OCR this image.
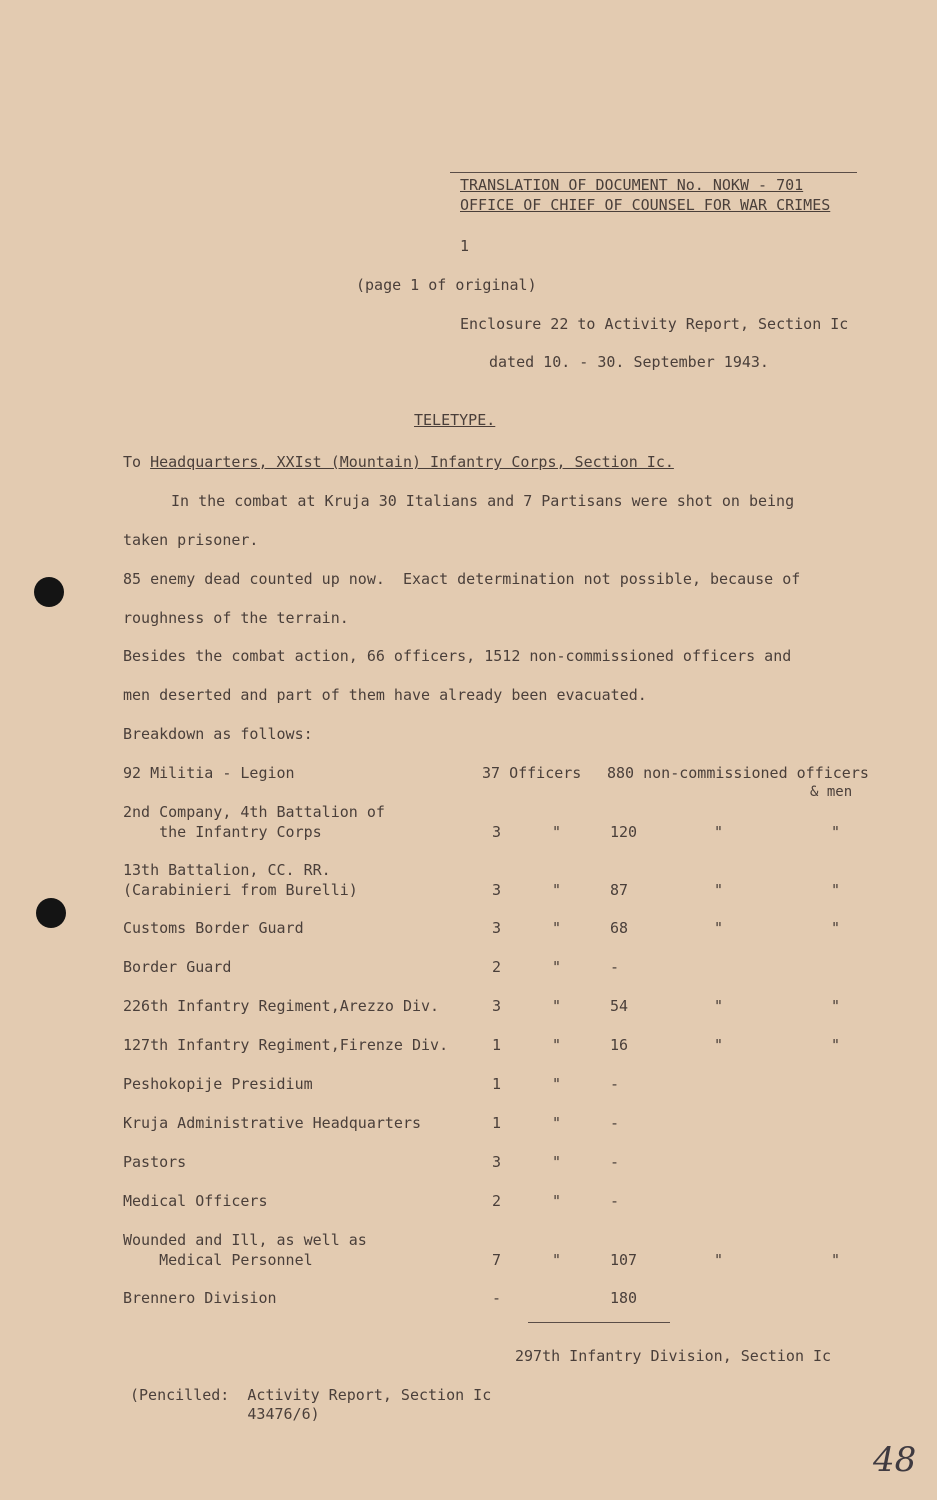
TRANSLATION OF DOCUMENT No. NOKW - 701
OFFICE OF CHIEF OF COUNSEL FOR WAR CRIMES
1
(page 1 of original)
Enclosure 22 to Activity Report, Section Ic
dated 10. - 30. September 1943.
TELETYPE.
To Headquarters, XXIst (Mountain) Infantry Corps, Section Ic.
In the combat at Kruja 30 Italians and 7 Partisans were shot on being
taken prisoner.
85 enemy dead counted up now.  Exact determination not possible, because of
roughness of the terrain.
Besides the combat action, 66 officers, 1512 non-commissioned officers and
men deserted and part of them have already been evacuated.
Breakdown as follows:
92 Militia - Legion	37 Officers 880 non-commissioned officers
& men
2nd Company, 4th Battalion of
the Infantry Corps	3	"	120	"	"
13th Battalion, CC. RR.
(Carabinieri from Burelli)	3	"	87	"	"
Customs Border Guard	3	"	68	"	"
Border Guard	2	"	-
226th Infantry Regiment,Arezzo Div.	3	"	54	"	"
127th Infantry Regiment,Firenze Div.	1	"	16	"	"
Peshokopije Presidium	1	"	-
Kruja Administrative Headquarters	1	"	-
Pastors	3	"	-
Medical Officers	2	"	-
Wounded and Ill, as well as
Medical Personnel	7	"	107	"	"
Brennero Division	-	180
297th Infantry Division, Section Ic
(Pencilled:  Activity Report, Section Ic
43476/6)
48
